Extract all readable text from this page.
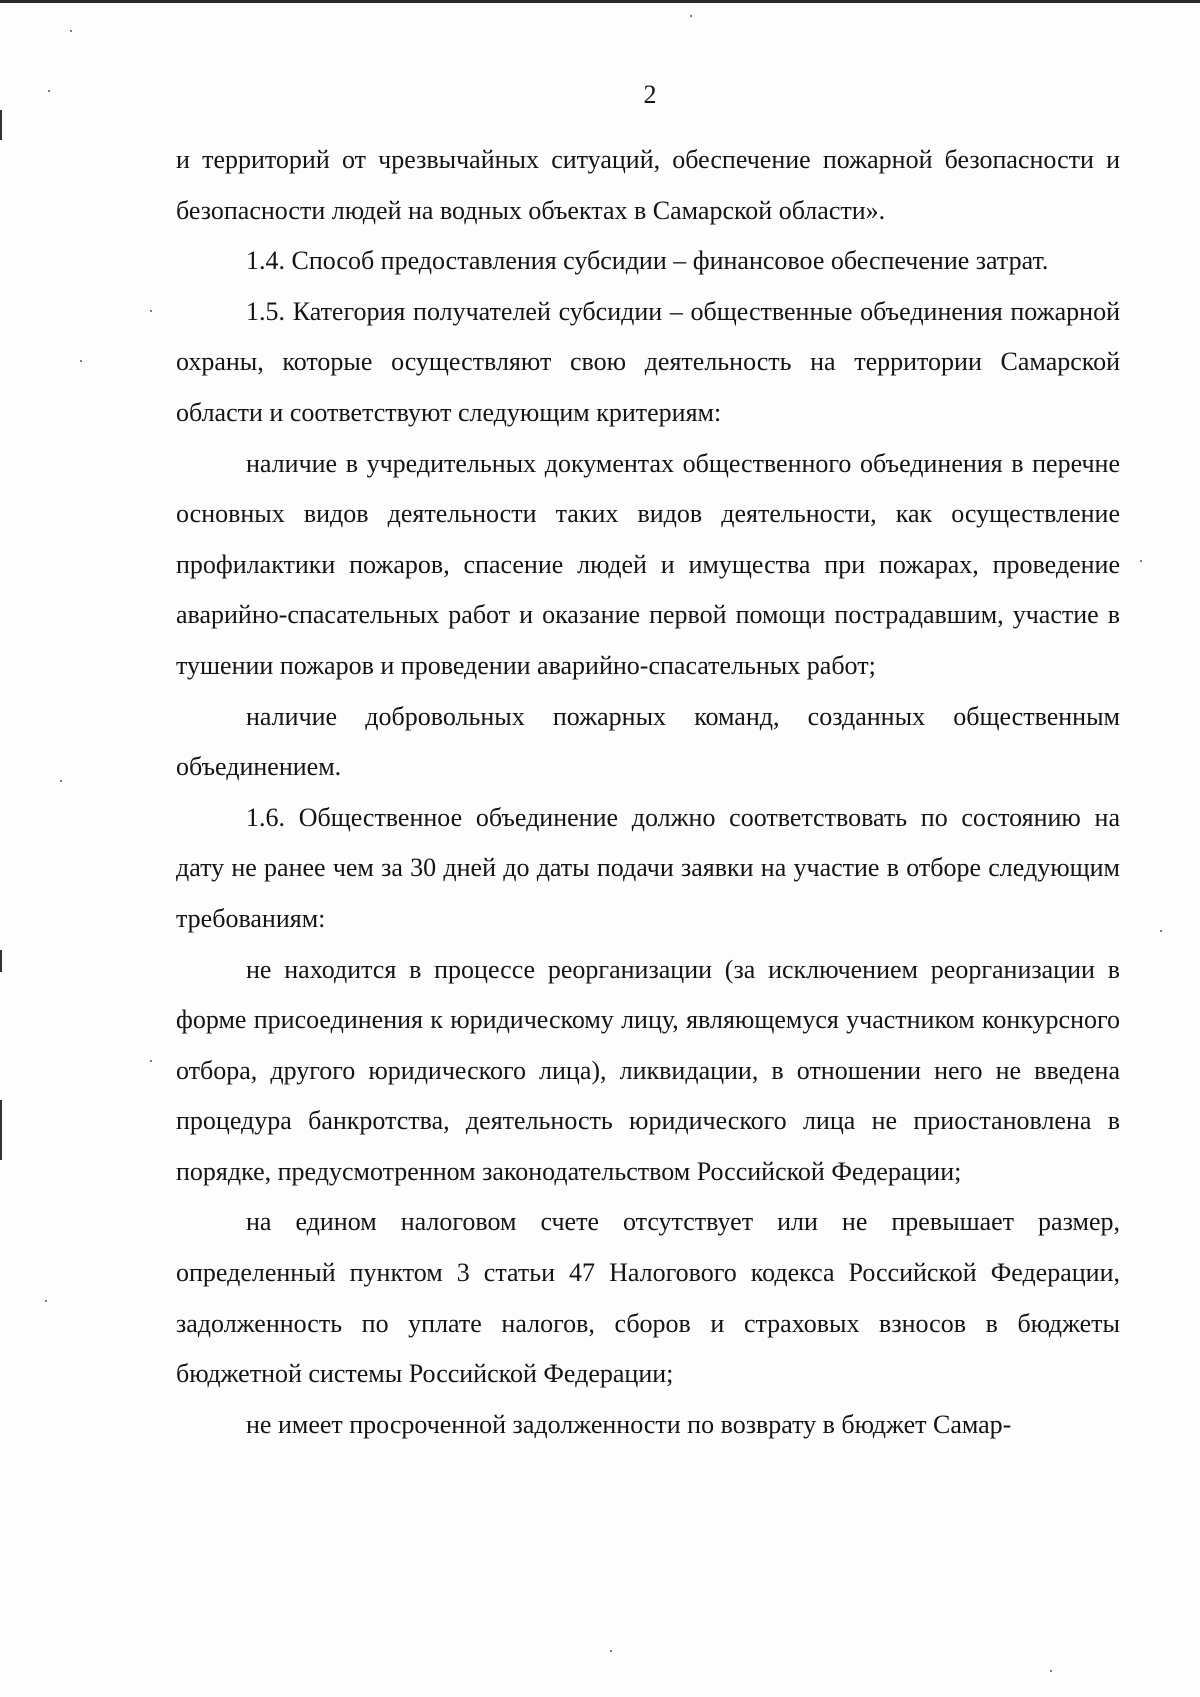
2

и территорий от чрезвычайных ситуаций, обеспечение пожарной безопасности и безопасности людей на водных объектах в Самарской области».

1.4. Способ предоставления субсидии – финансовое обеспечение затрат.

1.5. Категория получателей субсидии – общественные объединения пожарной охраны, которые осуществляют свою деятельность на территории Самарской области и соответствуют следующим критериям:

наличие в учредительных документах общественного объединения в перечне основных видов деятельности таких видов деятельности, как осуществление профилактики пожаров, спасение людей и имущества при пожарах, проведение аварийно-спасательных работ и оказание первой помощи пострадавшим, участие в тушении пожаров и проведении аварийно-спасательных работ;

наличие добровольных пожарных команд, созданных общественным объединением.

1.6. Общественное объединение должно соответствовать по состоянию на дату не ранее чем за 30 дней до даты подачи заявки на участие в отборе следующим требованиям:

не находится в процессе реорганизации (за исключением реорганизации в форме присоединения к юридическому лицу, являющемуся участником конкурсного отбора, другого юридического лица), ликвидации, в отношении него не введена процедура банкротства, деятельность юридического лица не приостановлена в порядке, предусмотренном законодательством Российской Федерации;

на едином налоговом счете отсутствует или не превышает размер, определенный пунктом 3 статьи 47 Налогового кодекса Российской Федерации, задолженность по уплате налогов, сборов и страховых взносов в бюджеты бюджетной системы Российской Федерации;

не имеет просроченной задолженности по возврату в бюджет Самар-
